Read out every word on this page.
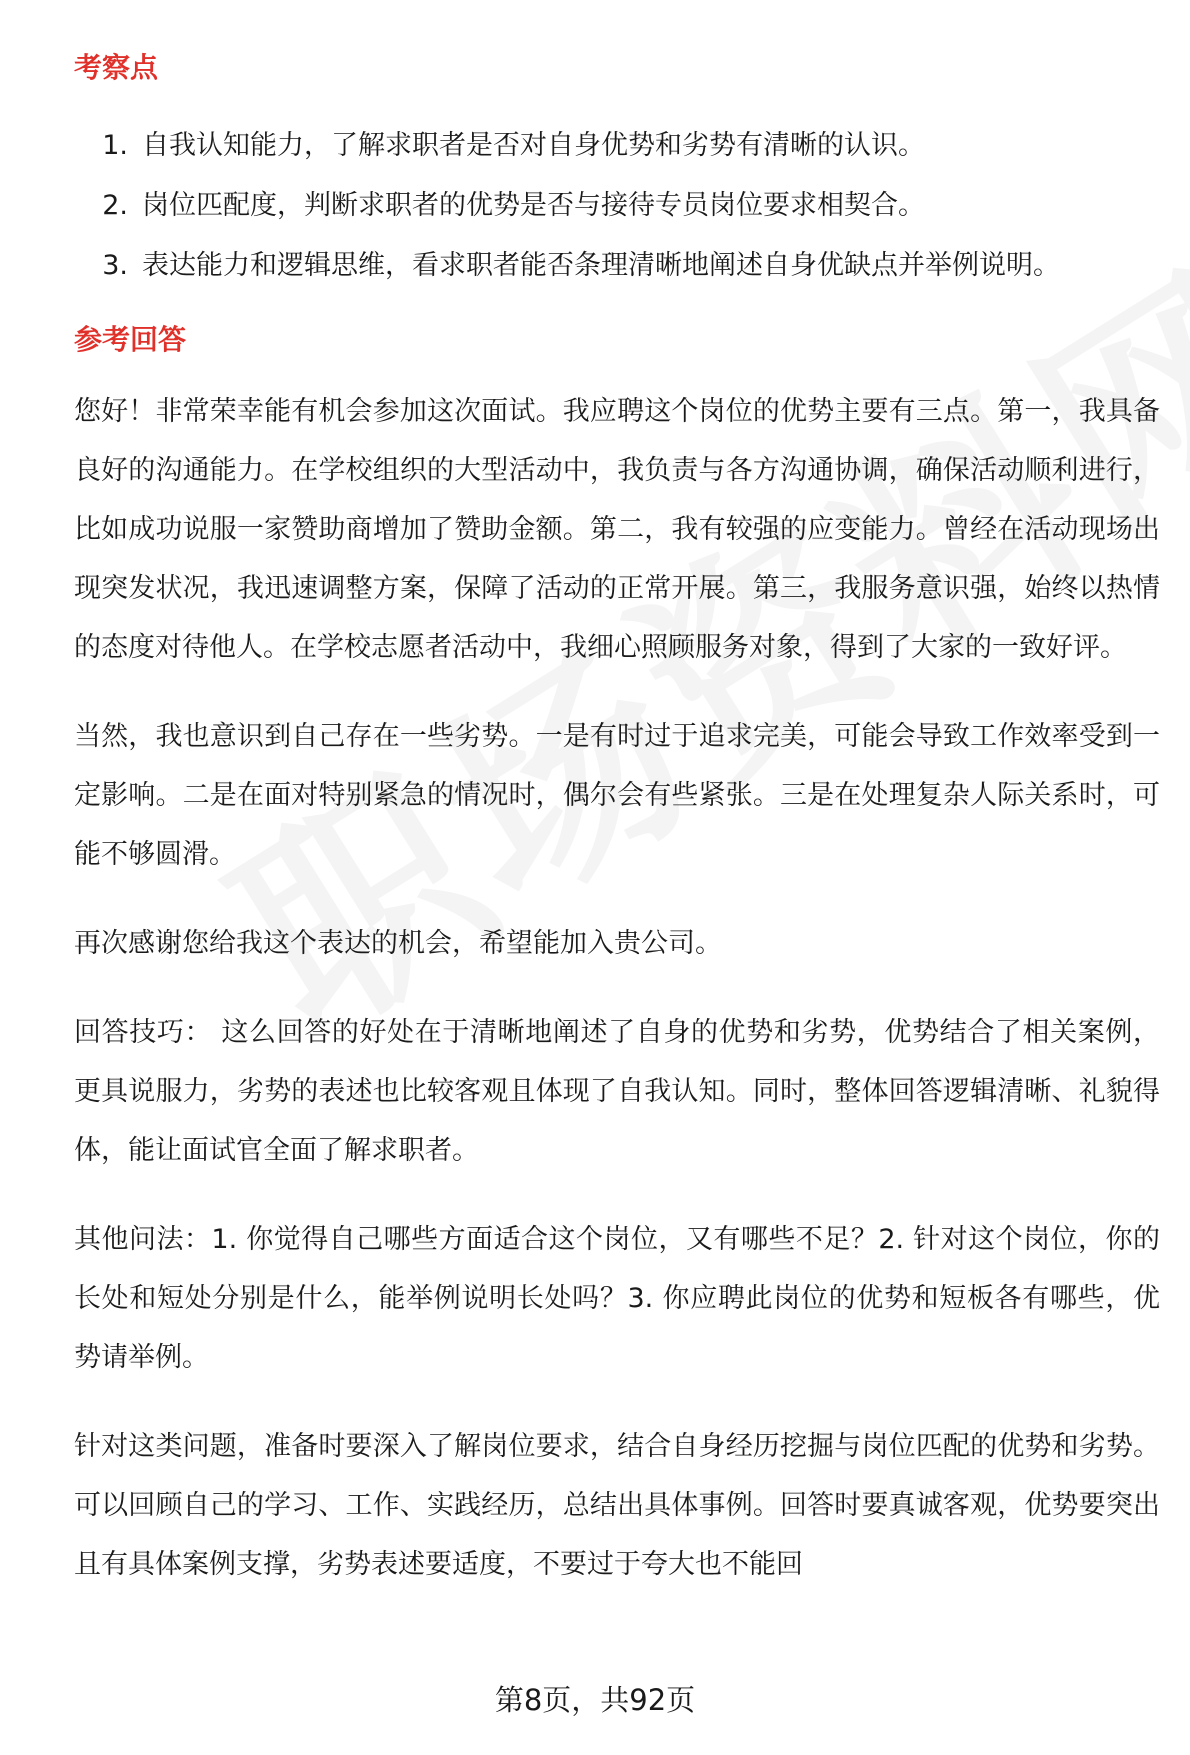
考察点
1. 自我认知能力，了解求职者是否对自身优势和劣势有清晰的认识。
2. 岗位匹配度，判断求职者的优势是否与接待专员岗位要求相契合。
3. 表达能力和逻辑思维，看求职者能否条理清晰地阐述自身优缺点并举例说明。
参考回答

您好！非常荣幸能有机会参加这次面试。我应聘这个岗位的优势主要有三点。第一，我具备良好的沟通能力。在学校组织的大型活动中，我负责与各方沟通协调，确保活动顺利进行，比如成功说服一家赞助商增加了赞助金额。第二，我有较强的应变能力。曾经在活动现场出现突发状况，我迅速调整方案，保障了活动的正常开展。第三，我服务意识强，始终以热情的态度对待他人。在学校志愿者活动中，我细心照顾服务对象，得到了大家的一致好评。

当然，我也意识到自己存在一些劣势。一是有时过于追求完美，可能会导致工作效率受到一定影响。二是在面对特别紧急的情况时，偶尔会有些紧张。三是在处理复杂人际关系时，可能不够圆滑。

再次感谢您给我这个表达的机会，希望能加入贵公司。

回答技巧： 这么回答的好处在于清晰地阐述了自身的优势和劣势，优势结合了相关案例，更具说服力，劣势的表述也比较客观且体现了自我认知。同时，整体回答逻辑清晰、礼貌得体，能让面试官全面了解求职者。

其他问法：1. 你觉得自己哪些方面适合这个岗位，又有哪些不足？2. 针对这个岗位，你的长处和短处分别是什么，能举例说明长处吗？3. 你应聘此岗位的优势和短板各有哪些，优势请举例。

针对这类问题，准备时要深入了解岗位要求，结合自身经历挖掘与岗位匹配的优势和劣势。可以回顾自己的学习、工作、实践经历，总结出具体事例。回答时要真诚客观，优势要突出且有具体案例支撑，劣势表述要适度，不要过于夸大也不能回

第8页，共92页
